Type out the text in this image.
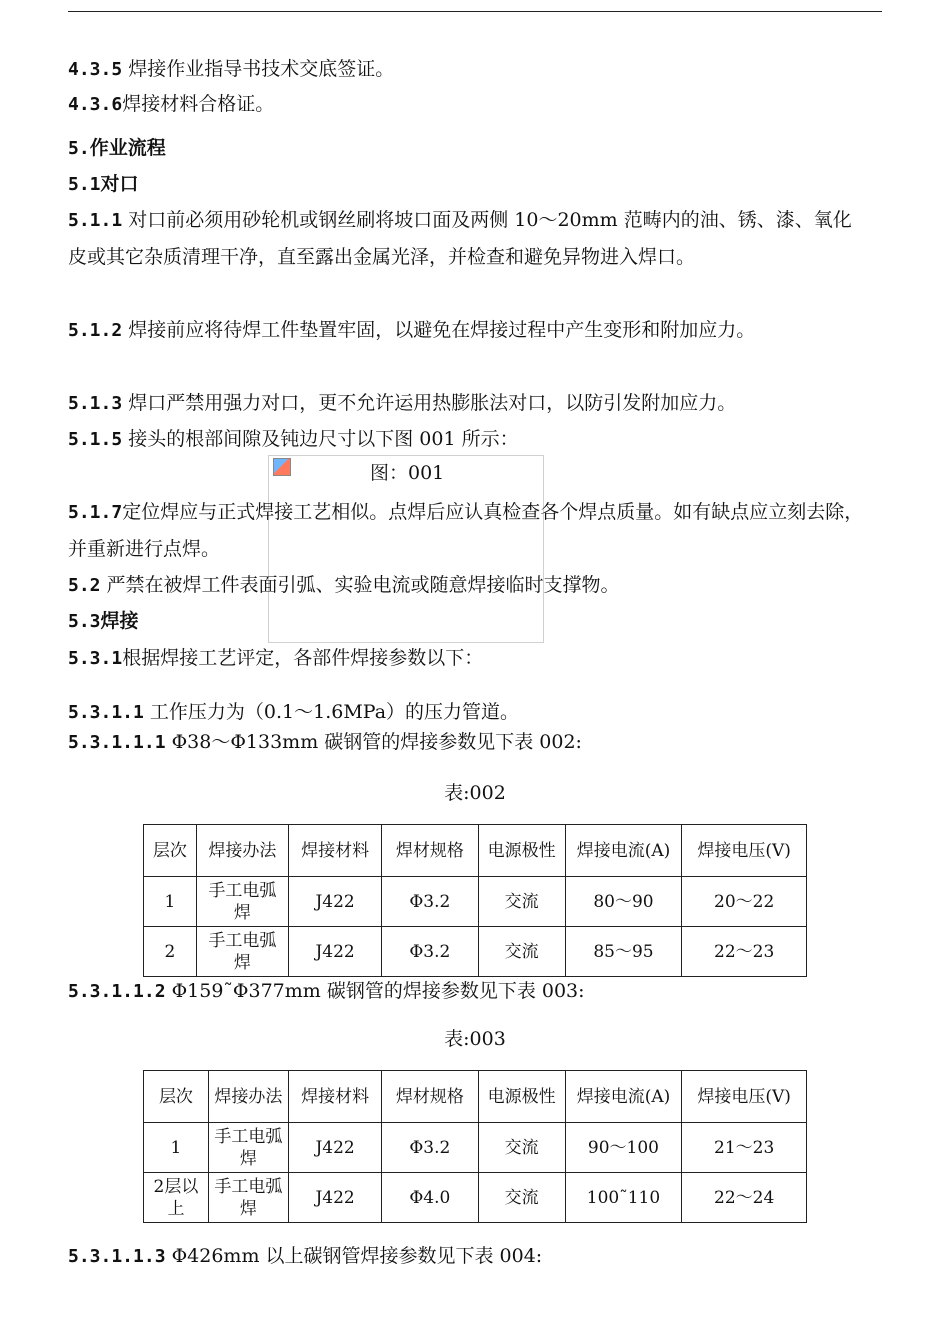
4.3.5 焊接作业指导书技术交底签证。
4.3.6焊接材料合格证。
5.作业流程
5.1对口
5.1.1 对口前必须用砂轮机或钢丝刷将坡口面及两侧 10～20mm 范畴内的油、锈、漆、氧化皮或其它杂质清理干净，直至露出金属光泽，并检查和避免异物进入焊口。
5.1.2 焊接前应将待焊工件垫置牢固，以避免在焊接过程中产生变形和附加应力。
5.1.3 焊口严禁用强力对口，更不允许运用热膨胀法对口，以防引发附加应力。
5.1.5 接头的根部间隙及钝边尺寸以下图 001 所示：
图：001
5.1.7定位焊应与正式焊接工艺相似。点焊后应认真检查各个焊点质量。如有缺点应立刻去除，并重新进行点焊。
5.2 严禁在被焊工件表面引弧、实验电流或随意焊接临时支撑物。
5.3焊接
5.3.1根据焊接工艺评定，各部件焊接参数以下：
5.3.1.1 工作压力为（0.1～1.6MPa）的压力管道。
5.3.1.1.1 Φ38～Φ133mm 碳钢管的焊接参数见下表 002:
表:002
层次	焊接办法	焊接材料	焊材规格	电源极性	焊接电流(A)	焊接电压(V)
1	手工电弧焊	J422	Φ3.2	交流	80～90	20～22
2	手工电弧焊	J422	Φ3.2	交流	85～95	22～23
5.3.1.1.2 Φ159˜Φ377mm 碳钢管的焊接参数见下表 003:
表:003
层次	焊接办法	焊接材料	焊材规格	电源极性	焊接电流(A)	焊接电压(V)
1	手工电弧焊	J422	Φ3.2	交流	90～100	21～23
2层以上	手工电弧焊	J422	Φ4.0	交流	100˜110	22～24
5.3.1.1.3 Φ426mm 以上碳钢管焊接参数见下表 004:
